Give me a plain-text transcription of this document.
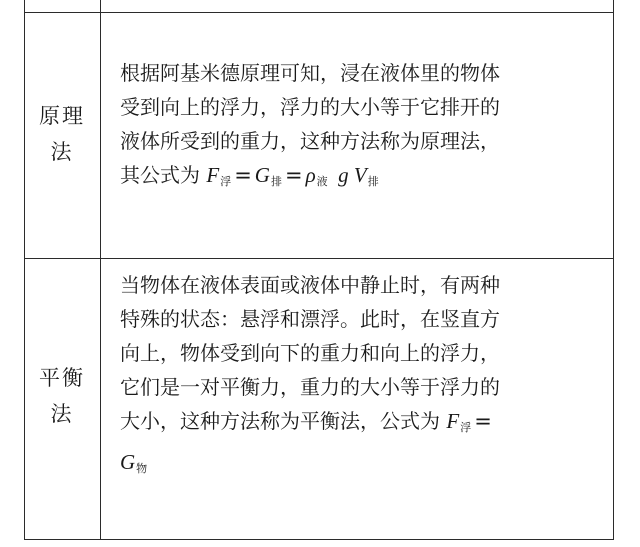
原理
法
根据阿基米德原理可知，浸在液体里的物体
受到向上的浮力，浮力的大小等于它排开的
液体所受到的重力，这种方法称为原理法，
其公式为 $F_浮 = G_排 = \rho_液$ g $V_排$
平衡
法
当物体在液体表面或液体中静止时，有两种
特殊的状态：悬浮和漂浮。此时，在竖直方
向上，物体受到向下的重力和向上的浮力，
它们是一对平衡力，重力的大小等于浮力的
大小，这种方法称为平衡法，公式为 $F_浮$ =
$G_物$
